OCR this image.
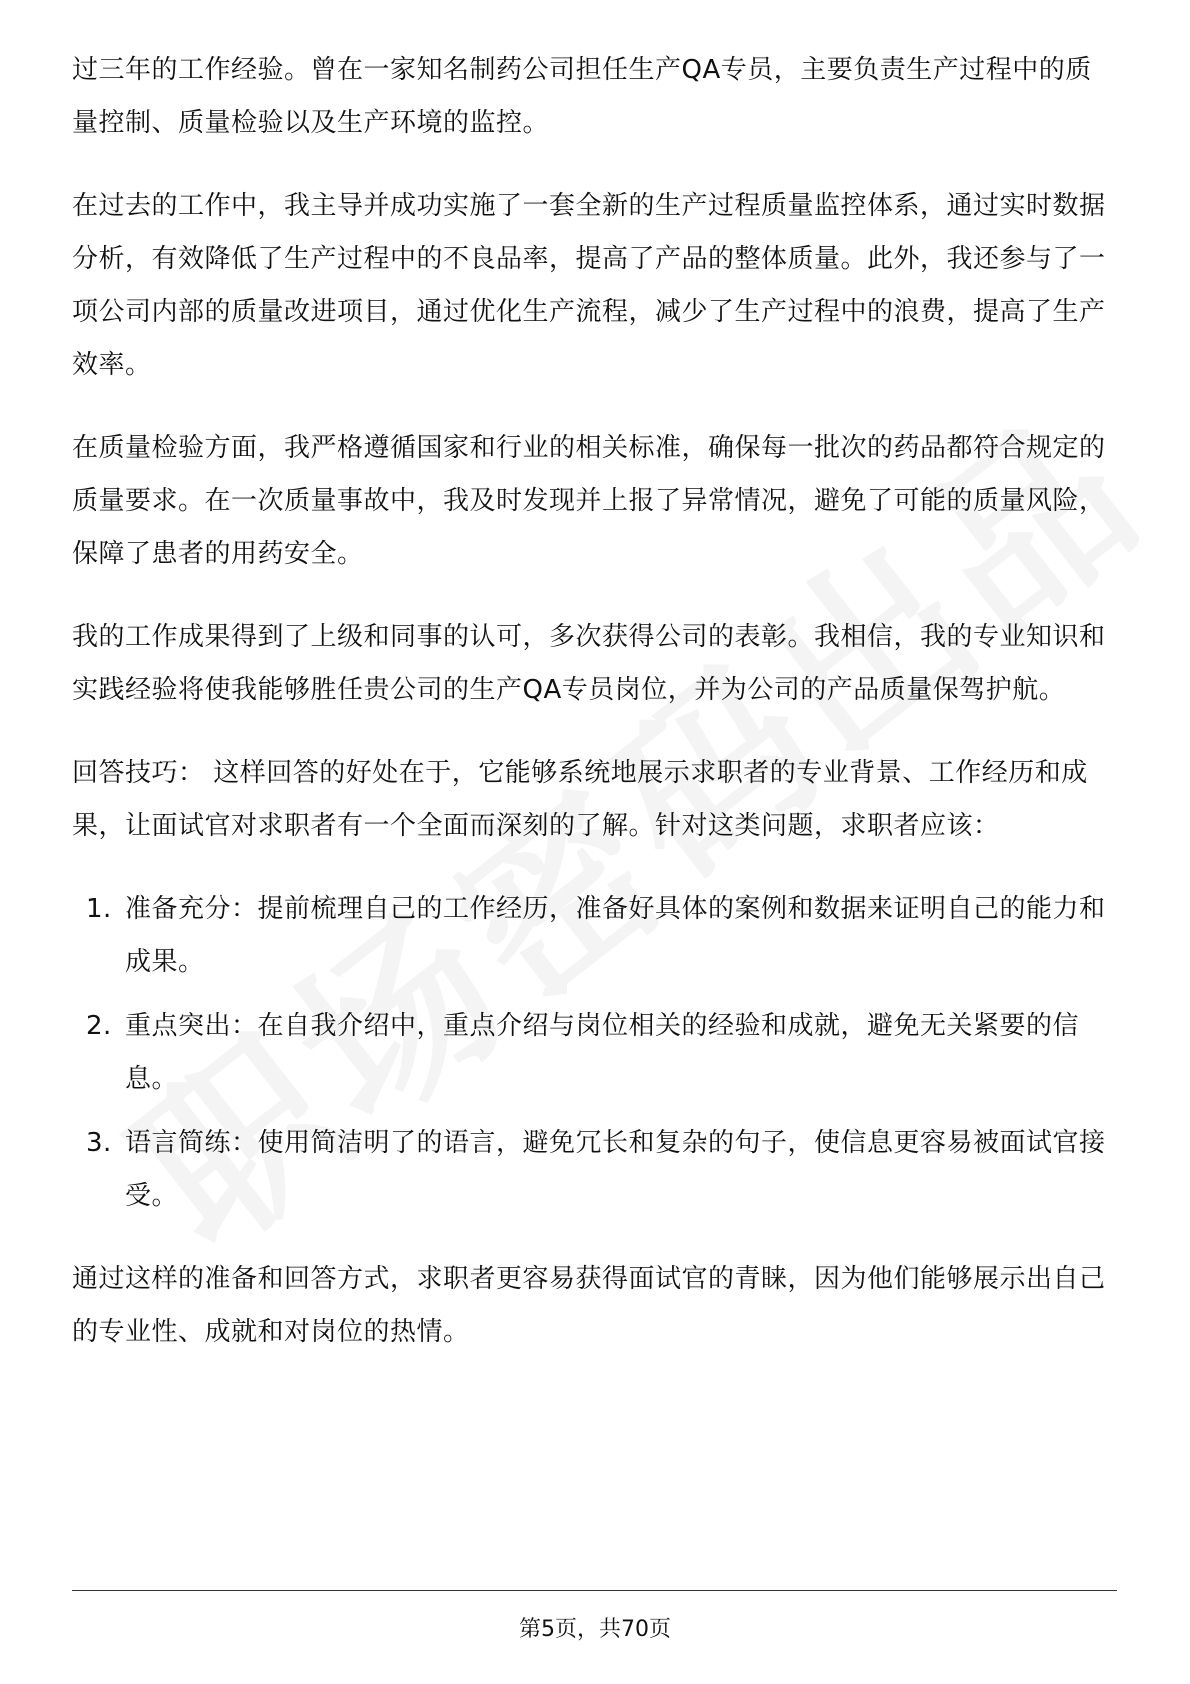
过三年的工作经验。曾在一家知名制药公司担任生产QA专员，主要负责生产过程中的质量控制、质量检验以及生产环境的监控。

在过去的工作中，我主导并成功实施了一套全新的生产过程质量监控体系，通过实时数据分析，有效降低了生产过程中的不良品率，提高了产品的整体质量。此外，我还参与了一项公司内部的质量改进项目，通过优化生产流程，减少了生产过程中的浪费，提高了生产效率。

在质量检验方面，我严格遵循国家和行业的相关标准，确保每一批次的药品都符合规定的质量要求。在一次质量事故中，我及时发现并上报了异常情况，避免了可能的质量风险，保障了患者的用药安全。

我的工作成果得到了上级和同事的认可，多次获得公司的表彰。我相信，我的专业知识和实践经验将使我能够胜任贵公司的生产QA专员岗位，并为公司的产品质量保驾护航。

回答技巧： 这样回答的好处在于，它能够系统地展示求职者的专业背景、工作经历和成果，让面试官对求职者有一个全面而深刻的了解。针对这类问题，求职者应该：

1. 准备充分：提前梳理自己的工作经历，准备好具体的案例和数据来证明自己的能力和成果。
2. 重点突出：在自我介绍中，重点介绍与岗位相关的经验和成就，避免无关紧要的信息。
3. 语言简练：使用简洁明了的语言，避免冗长和复杂的句子，使信息更容易被面试官接受。

通过这样的准备和回答方式，求职者更容易获得面试官的青睐，因为他们能够展示出自己的专业性、成就和对岗位的热情。

第5页，共70页
